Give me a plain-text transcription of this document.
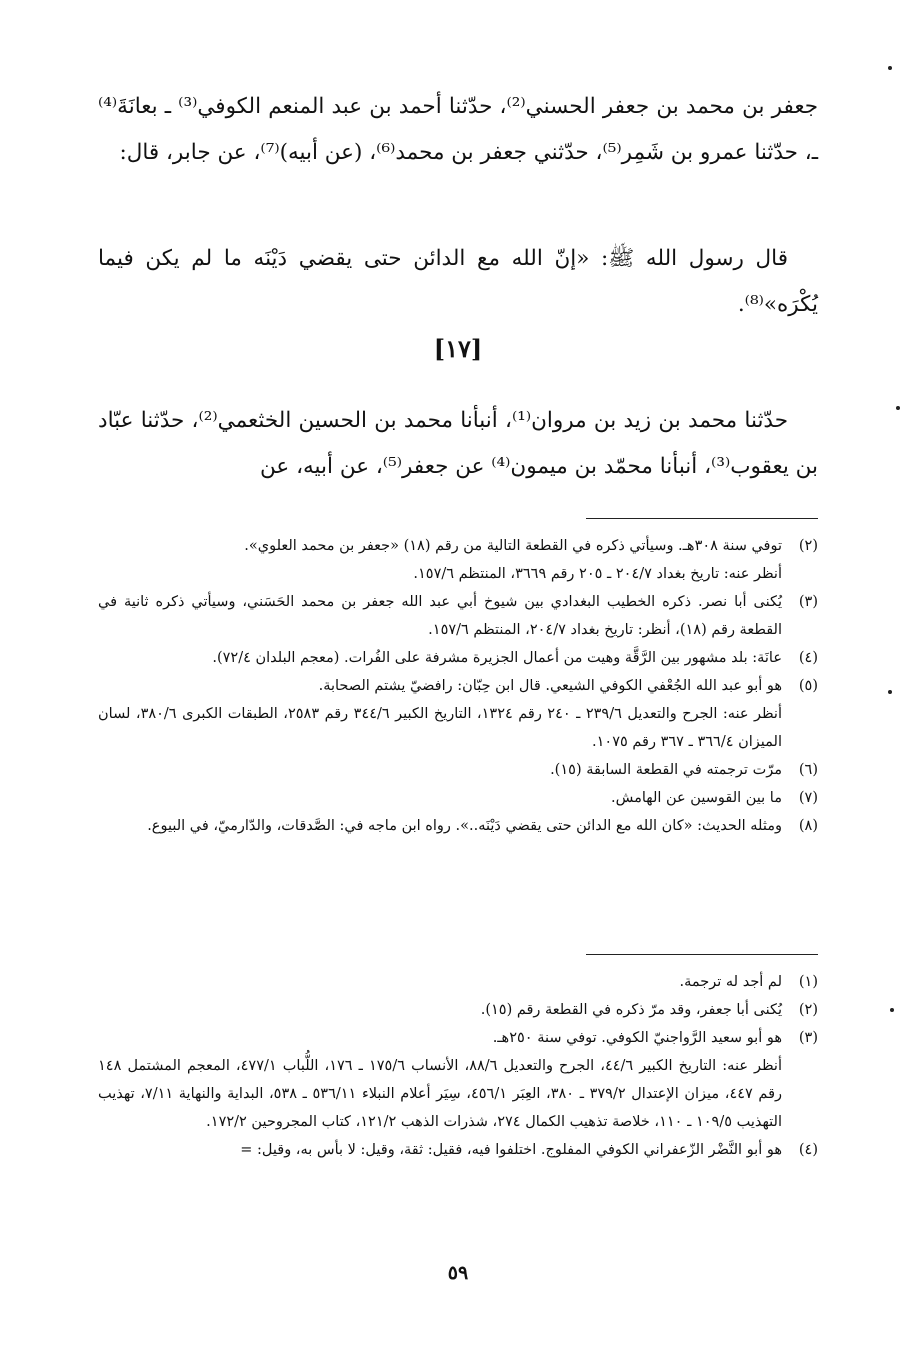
جعفر بن محمد بن جعفر الحسني⁽²⁾، حدّثنا أحمد بن عبد المنعم الكوفي⁽³⁾ ـ بعانَةَ⁽⁴⁾ ـ، حدّثنا عمرو بن شَمِر⁽⁵⁾، حدّثني جعفر بن محمد⁽⁶⁾، (عن أبيه)⁽⁷⁾، عن جابر، قال:

قال رسول الله ﷺ: «إنّ الله مع الدائن حتى يقضي دَيْنَه ما لم يكن فيما يُكْرَه»⁽⁸⁾.

[١٧]

حدّثنا محمد بن زيد بن مروان⁽¹⁾، أنبأنا محمد بن الحسين الخثعمي⁽²⁾، حدّثنا عبّاد بن يعقوب⁽³⁾، أنبأنا محمّد بن ميمون⁽⁴⁾ عن جعفر⁽⁵⁾، عن أبيه، عن

(٢)
توفي سنة ٣٠٨هـ. وسيأتي ذكره في القطعة التالية من رقم (١٨) «جعفر بن محمد العلوي».
أنظر عنه: تاريخ بغداد ٢٠٤/٧ ـ ٢٠٥ رقم ٣٦٦٩، المنتظم ١٥٧/٦.
(٣)
يُكنى أبا نصر. ذكره الخطيب البغدادي بين شيوخ أبي عبد الله جعفر بن محمد الحَسَني، وسيأتي ذكره ثانية في القطعة رقم (١٨)، أنظر: تاريخ بغداد ٢٠٤/٧، المنتظم ١٥٧/٦.
(٤)
عانَة: بلد مشهور بين الرَّقَّة وهيت من أعمال الجزيرة مشرفة على الفُرات. (معجم البلدان ٧٢/٤).
(٥)
هو أبو عبد الله الجُعْفي الكوفي الشيعي. قال ابن حِبّان: رافضيّ يشتم الصحابة.
أنظر عنه: الجرح والتعديل ٢٣٩/٦ ـ ٢٤٠ رقم ١٣٢٤، التاريخ الكبير ٣٤٤/٦ رقم ٢٥٨٣، الطبقات الكبرى ٣٨٠/٦، لسان الميزان ٣٦٦/٤ ـ ٣٦٧ رقم ١٠٧٥.
(٦)
مرّت ترجمته في القطعة السابقة (١٥).
(٧)
ما بين القوسين عن الهامش.
(٨)
ومثله الحديث: «كان الله مع الدائن حتى يقضي دَيْنَه..». رواه ابن ماجه في: الصَّدقات، والدّارميّ، في البيوع.
(١)
لم أجد له ترجمة.
(٢)
يُكنى أبا جعفر، وقد مرّ ذكره في القطعة رقم (١٥).
(٣)
هو أبو سعيد الرَّواجنيّ الكوفي. توفي سنة ٢٥٠هـ.
أنظر عنه: التاريخ الكبير ٤٤/٦، الجرح والتعديل ٨٨/٦، الأنساب ١٧٥/٦ ـ ١٧٦، اللُّباب ٤٧٧/١، المعجم المشتمل ١٤٨ رقم ٤٤٧، ميزان الإعتدال ٣٧٩/٢ ـ ٣٨٠، العِبَر ٤٥٦/١، سِيَر أعلام النبلاء ٥٣٦/١١ ـ ٥٣٨، البداية والنهاية ٧/١١، تهذيب التهذيب ١٠٩/٥ ـ ١١٠، خلاصة تذهيب الكمال ٢٧٤، شذرات الذهب ١٢١/٢، كتاب المجروحين ١٧٢/٢.
(٤)
هو أبو النَّضْر الزّعفراني الكوفي المفلوج. اختلفوا فيه، فقيل: ثقة، وقيل: لا بأس به، وقيل: =
٥٩
